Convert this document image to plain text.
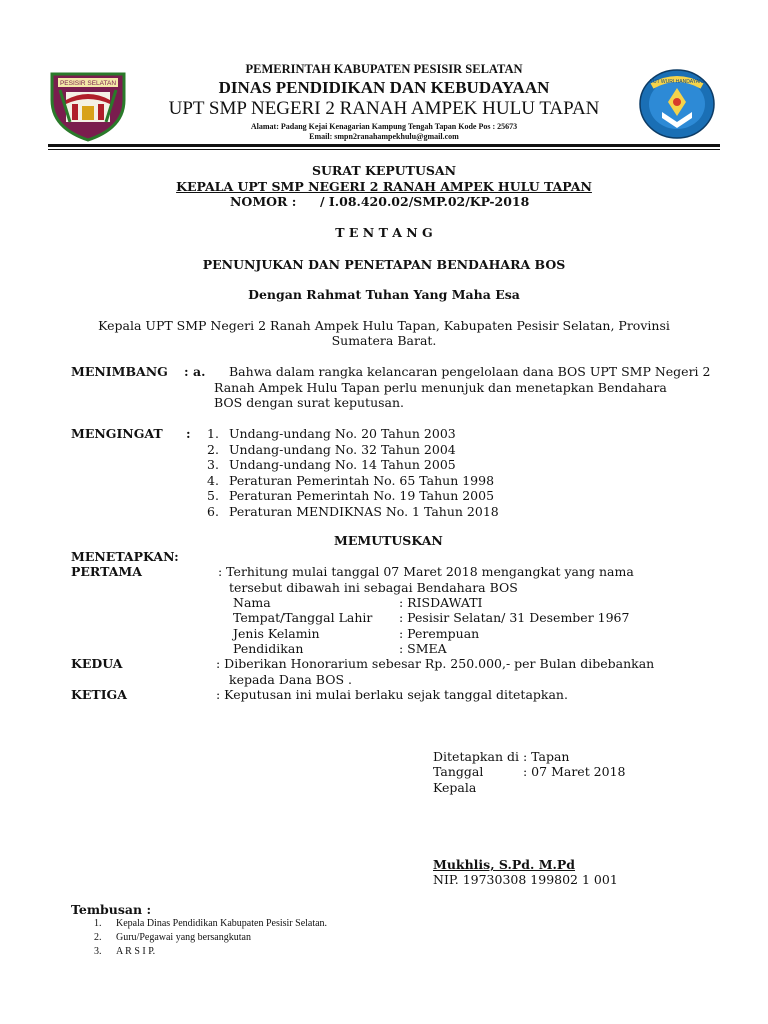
PESISIR SELATAN	TUT WURI HANDAYANI
PEMERINTAH KABUPATEN PESISIR SELATAN
DINAS PENDIDIKAN DAN KEBUDAYAAN
UPT SMP NEGERI 2 RANAH AMPEK HULU TAPAN
Alamat: Padang Kejai Kenagarian Kampung Tengah Tapan Kode Pos : 25673
Email: smpn2ranahampekhulu@gmail.com
SURAT KEPUTUSAN
KEPALA UPT SMP NEGERI 2 RANAH AMPEK HULU TAPAN
NOMOR : / I.08.420.02/SMP.02/KP-2018
T E N T A N G
PENUNJUKAN DAN PENETAPAN BENDAHARA BOS
Dengan Rahmat Tuhan Yang Maha Esa
Kepala UPT SMP Negeri 2 Ranah Ampek Hulu Tapan, Kabupaten Pesisir Selatan, Provinsi
Sumatera Barat.
MENIMBANG : a. Bahwa dalam rangka kelancaran pengelolaan dana BOS UPT SMP Negeri 2
Ranah Ampek Hulu Tapan perlu menunjuk dan menetapkan Bendahara
BOS dengan surat keputusan.
MENGINGAT : 1. Undang-undang No. 20 Tahun 2003
2. Undang-undang No. 32 Tahun 2004
3. Undang-undang No. 14 Tahun 2005
4. Peraturan Pemerintah No. 65 Tahun 1998
5. Peraturan Pemerintah No. 19 Tahun 2005
6. Peraturan MENDIKNAS No. 1 Tahun 2018
MEMUTUSKAN
MENETAPKAN:
PERTAMA	: Terhitung mulai tanggal 07 Maret 2018 mengangkat yang nama
tersebut dibawah ini sebagai Bendahara BOS
Nama	: RISDAWATI
Tempat/Tanggal Lahir : Pesisir Selatan/ 31 Desember 1967
Jenis Kelamin	: Perempuan
Pendidikan	: SMEA
KEDUA	: Diberikan Honorarium sebesar Rp. 250.000,- per Bulan dibebankan
kepada Dana BOS .
KETIGA	: Keputusan ini mulai berlaku sejak tanggal ditetapkan.
Ditetapkan di : Tapan
Tanggal	: 07 Maret 2018
Kepala
Mukhlis, S.Pd. M.Pd
NIP. 19730308 199802 1 001
Tembusan :
1. Kepala Dinas Pendidikan Kabupaten Pesisir Selatan.
2. Guru/Pegawai yang bersangkutan
3. A R S I P.
